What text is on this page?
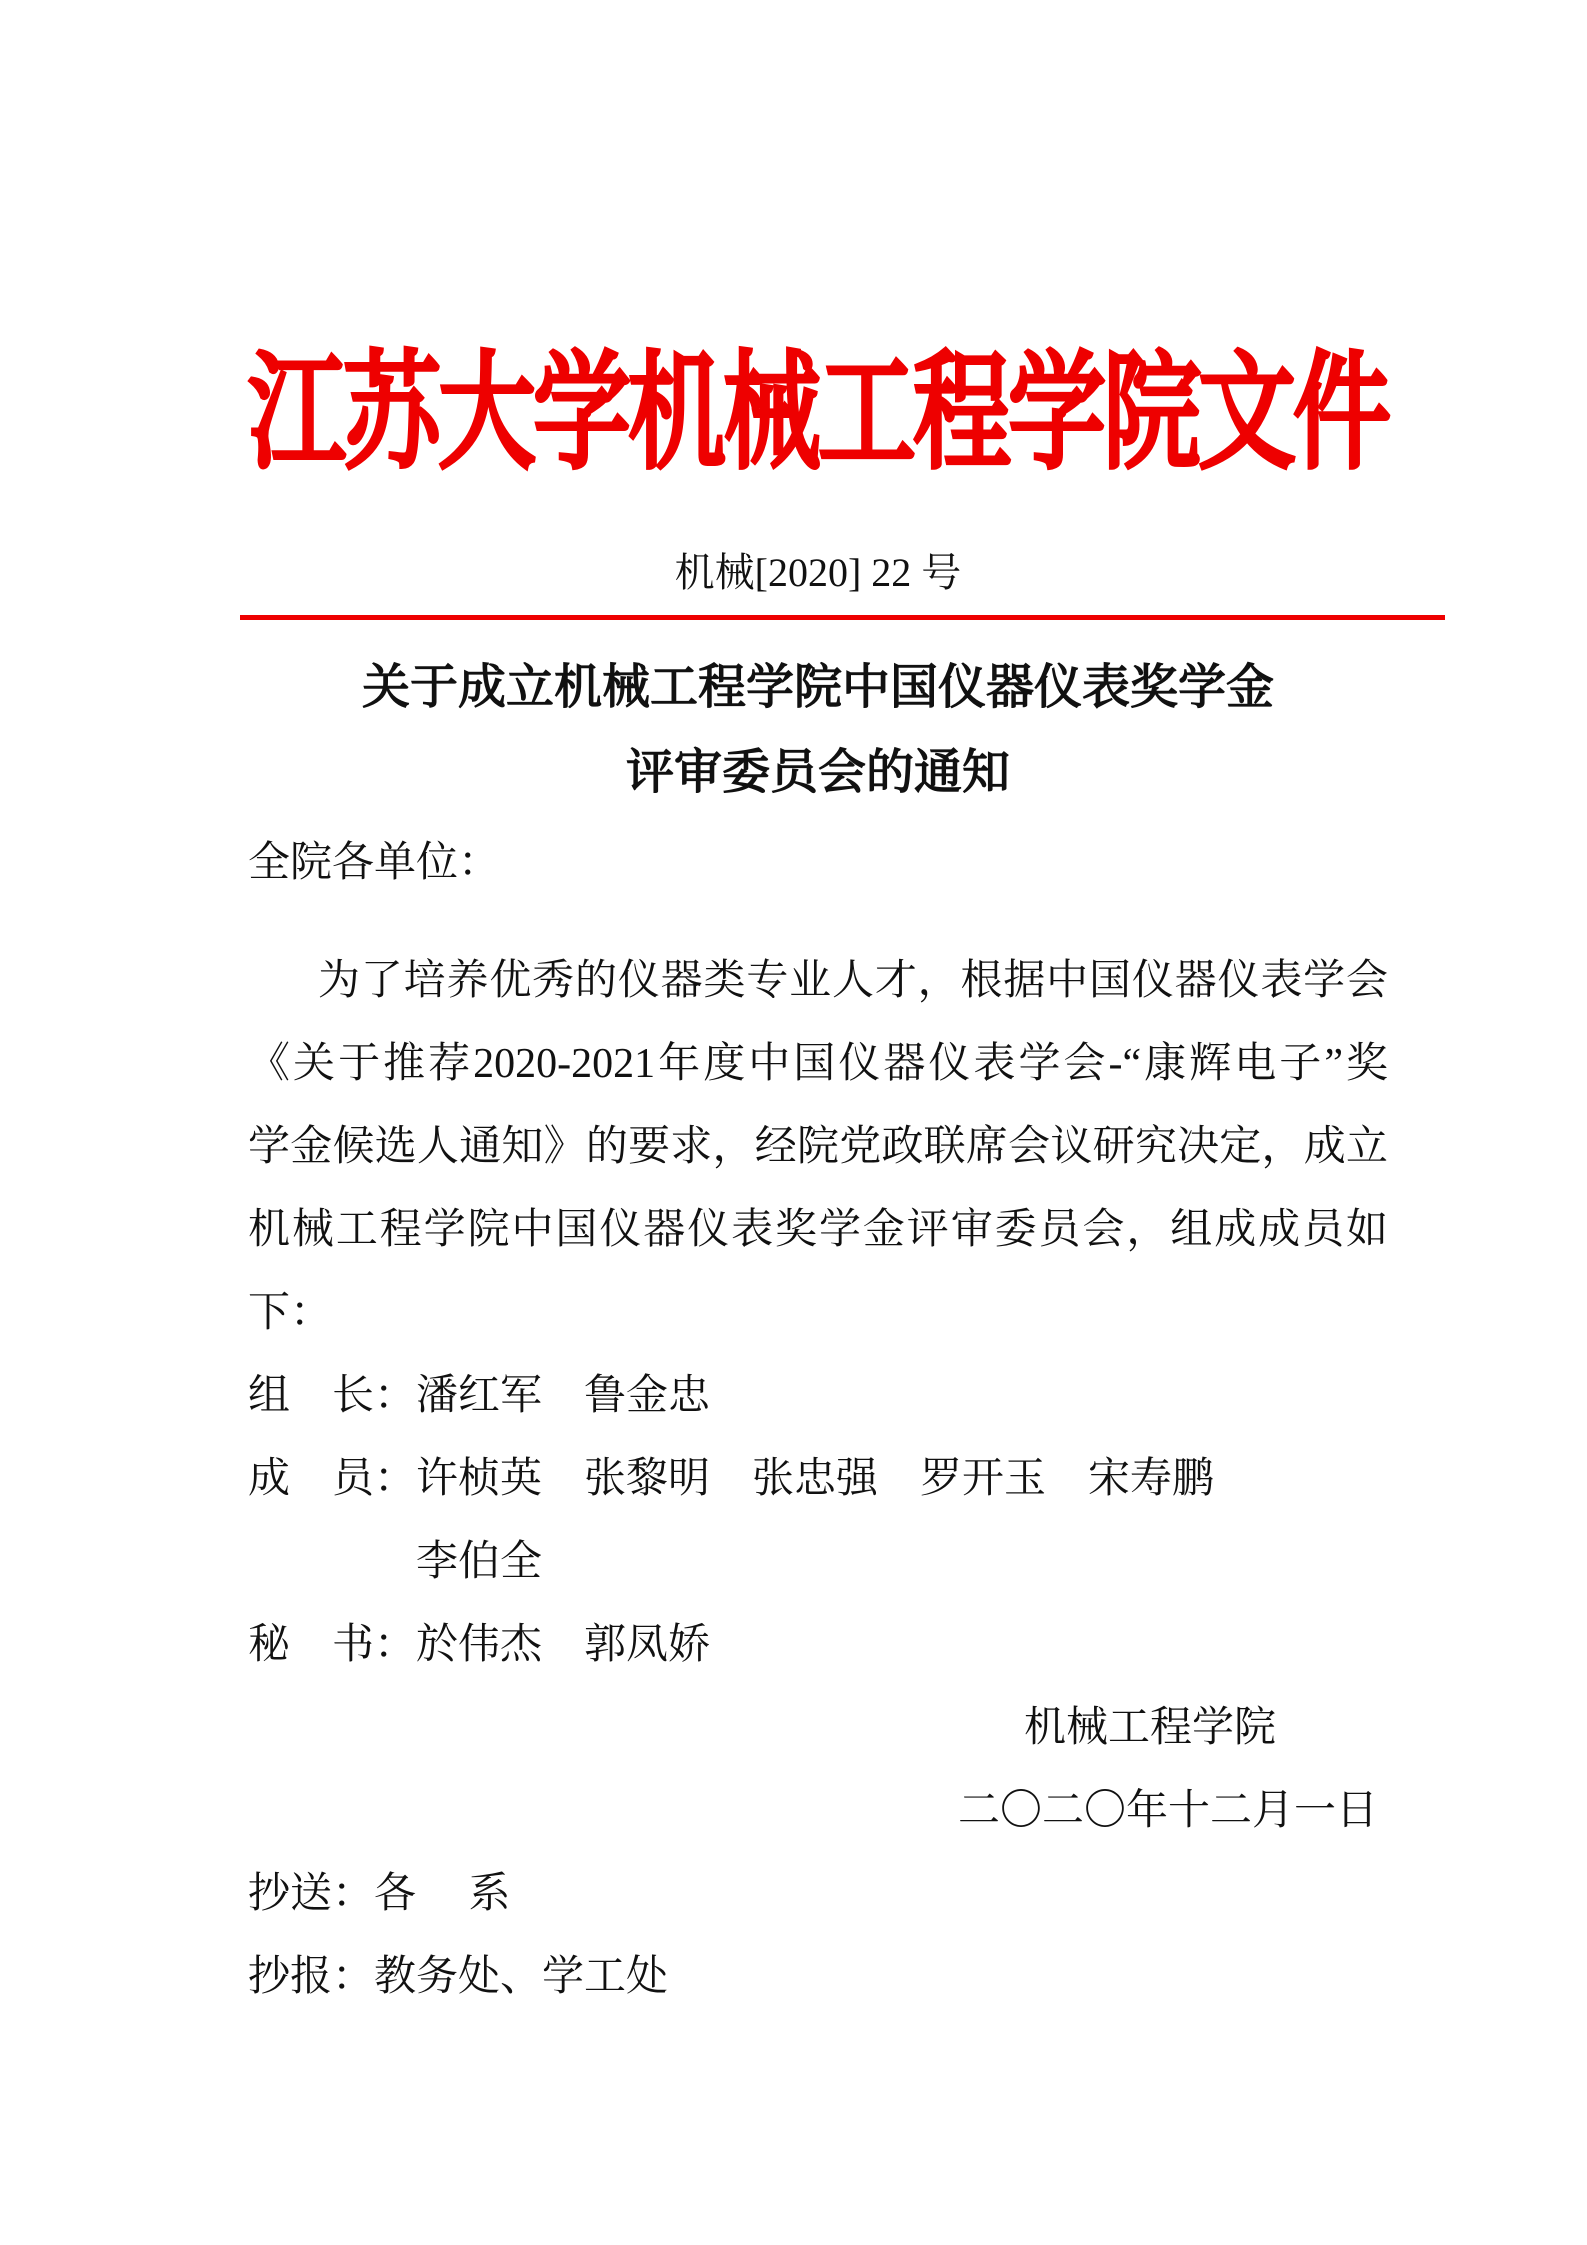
江苏大学机械工程学院文件
机械[2020] 22 号
关于成立机械工程学院中国仪器仪表奖学金
评审委员会的通知
全院各单位：
为了培养优秀的仪器类专业人才，根据中国仪器仪表学会
《关于推荐2020-2021年度中国仪器仪表学会-“康辉电子”奖
学金候选人通知》的要求，经院党政联席会议研究决定，成立
机械工程学院中国仪器仪表奖学金评审委员会，组成成员如
下：
组　长：潘红军　鲁金忠
成　员：许桢英　张黎明　张忠强　罗开玉　宋寿鹏
李伯全
秘　书：於伟杰　郭凤娇
机械工程学院
二〇二〇年十二月一日
抄送：各　 系
抄报：教务处、学工处
